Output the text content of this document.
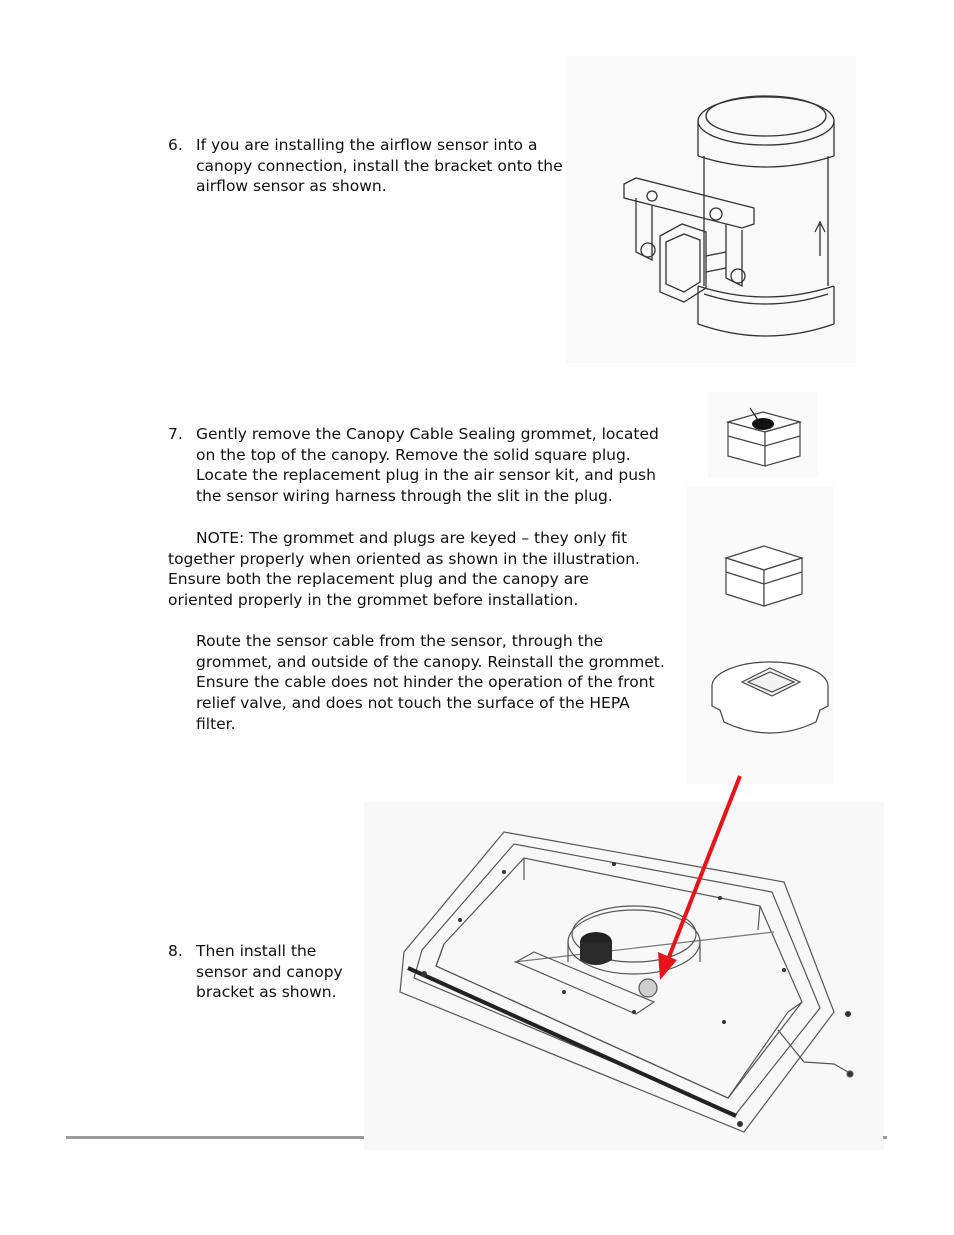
6. If you are installing the airflow sensor into a canopy connection, install the bracket onto the airflow sensor as shown.
7. Gently remove the Canopy Cable Sealing grommet, located on the top of the canopy. Remove the solid square plug. Locate the replacement plug in the air sensor kit, and push the sensor wiring harness through the slit in the plug.

NOTE: The grommet and plugs are keyed – they only fit together properly when oriented as shown in the illustration. Ensure both the replacement plug and the canopy are oriented properly in the grommet before installation.

Route the sensor cable from the sensor, through the grommet, and outside of the canopy. Reinstall the grommet. Ensure the cable does not hinder the operation of the front relief valve, and does not touch the surface of the HEPA filter.

8. Then install the sensor and canopy bracket as shown.
